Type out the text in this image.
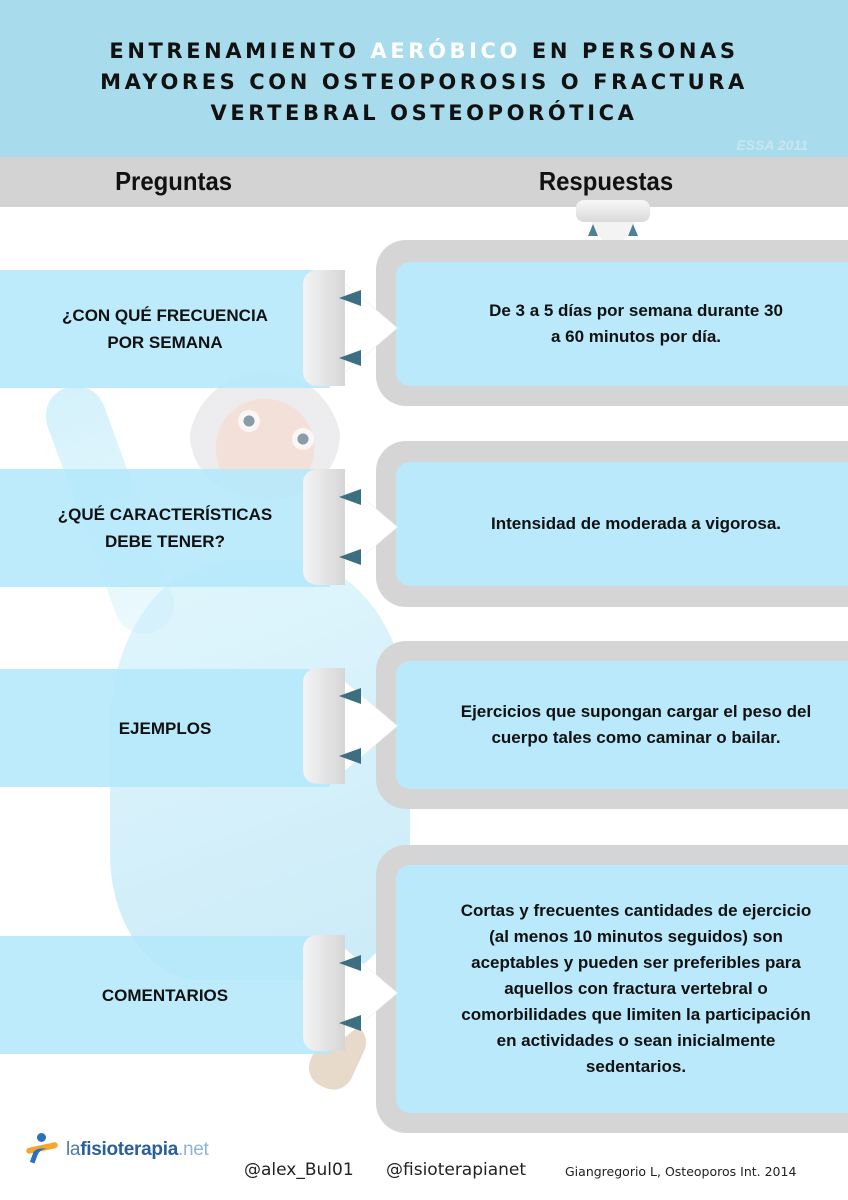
ENTRENAMIENTO AERÓBICO EN PERSONAS
MAYORES CON OSTEOPOROSIS O FRACTURA
VERTEBRAL OSTEOPORÓTICA
ESSA 2011
Preguntas	Respuestas
¿CON QUÉ FRECUENCIA POR SEMANA
De 3 a 5 días por semana durante 30 a 60 minutos por día.
¿QUÉ CARACTERÍSTICAS DEBE TENER?
Intensidad de moderada a vigorosa.
EJEMPLOS
Ejercicios que supongan cargar el peso del cuerpo tales como caminar o bailar.
COMENTARIOS
Cortas y frecuentes cantidades de ejercicio (al menos 10 minutos seguidos) son aceptables y pueden ser preferibles para aquellos con fractura vertebral o comorbilidades que limiten la participación en actividades o sean inicialmente sedentarios.
lafisioterapia.net
@alex_Bul01 @fisioterapianet	Giangregorio L, Osteoporos Int. 2014
